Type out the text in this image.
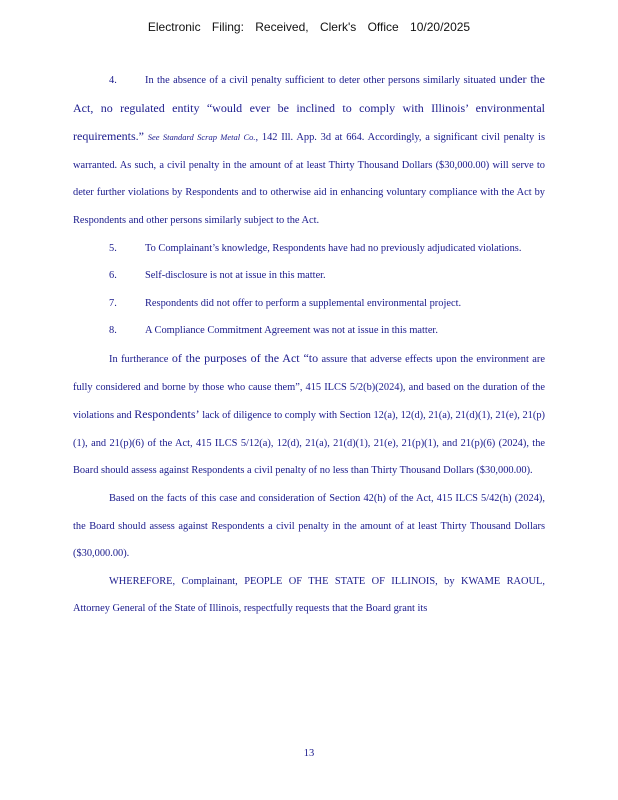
Electronic Filing: Received, Clerk's Office 10/20/2025

4.	In the absence of a civil penalty sufficient to deter other persons similarly situated under the Act, no regulated entity “would ever be inclined to comply with Illinois’ environmental requirements.” See Standard Scrap Metal Co., 142 Ill. App. 3d at 664. Accordingly, a significant civil penalty is warranted. As such, a civil penalty in the amount of at least Thirty Thousand Dollars ($30,000.00) will serve to deter further violations by Respondents and to otherwise aid in enhancing voluntary compliance with the Act by Respondents and other persons similarly subject to the Act.

5.	To Complainant’s knowledge, Respondents have had no previously adjudicated violations.

6.	Self-disclosure is not at issue in this matter.

7.	Respondents did not offer to perform a supplemental environmental project.

8.	A Compliance Commitment Agreement was not at issue in this matter.

In furtherance of the purposes of the Act “to assure that adverse effects upon the environment are fully considered and borne by those who cause them”, 415 ILCS 5/2(b)(2024), and based on the duration of the violations and Respondents’ lack of diligence to comply with Section 12(a), 12(d), 21(a), 21(d)(1), 21(e), 21(p)(1), and 21(p)(6) of the Act, 415 ILCS 5/12(a), 12(d), 21(a), 21(d)(1), 21(e), 21(p)(1), and 21(p)(6) (2024), the Board should assess against Respondents a civil penalty of no less than Thirty Thousand Dollars ($30,000.00).

Based on the facts of this case and consideration of Section 42(h) of the Act, 415 ILCS 5/42(h) (2024), the Board should assess against Respondents a civil penalty in the amount of at least Thirty Thousand Dollars ($30,000.00).

WHEREFORE, Complainant, PEOPLE OF THE STATE OF ILLINOIS, by KWAME RAOUL, Attorney General of the State of Illinois, respectfully requests that the Board grant its

13
